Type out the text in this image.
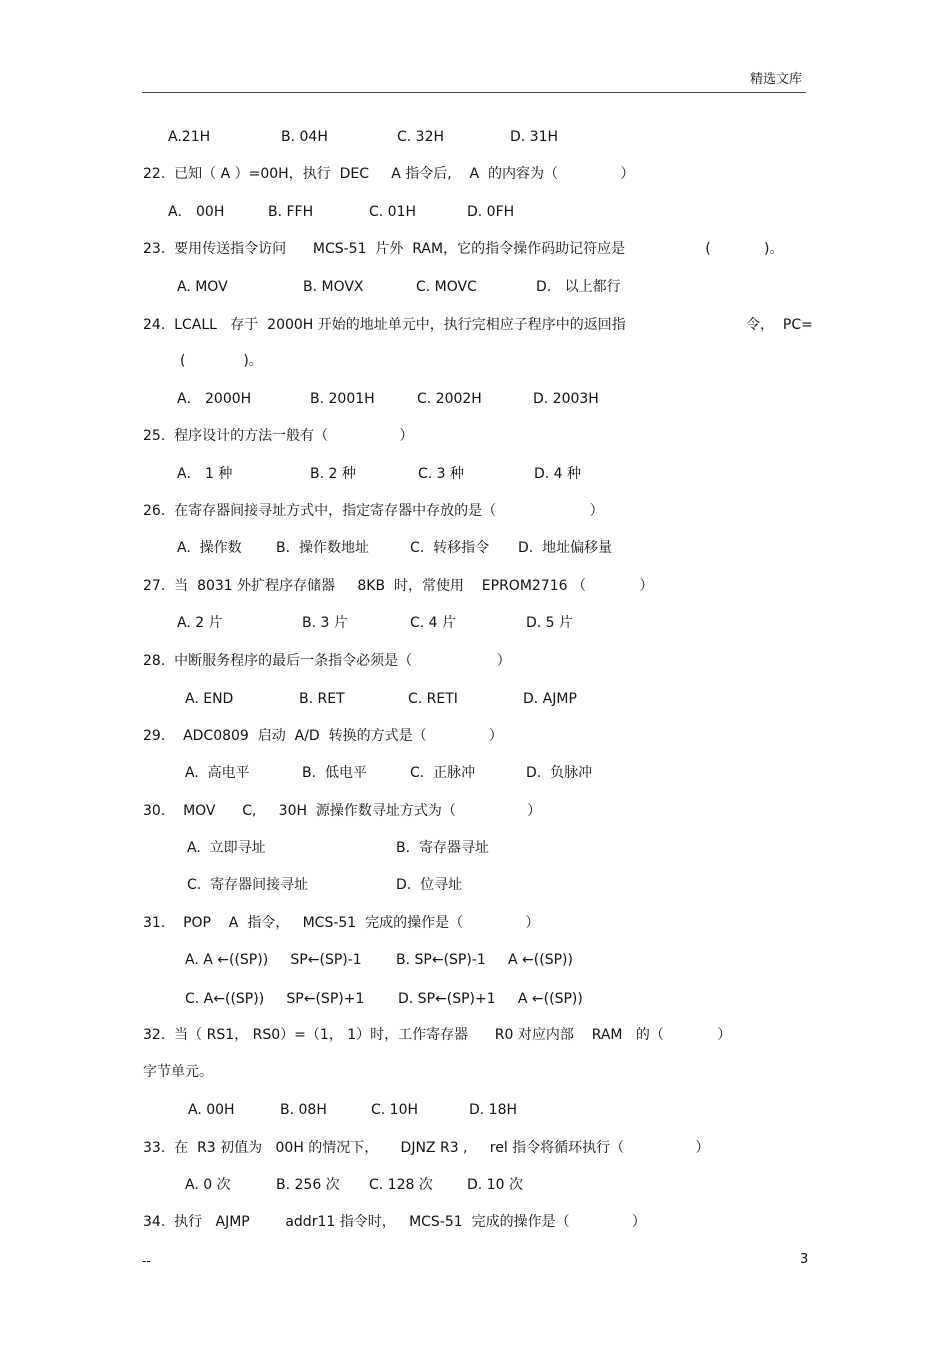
精选文库
A.21H	B. 04H	C. 32H	D. 31H
22.  已知（ A ）=00H，执行  DEC     A 指令后,    A  的内容为（              ）
A． 00H	B. FFH	C. 01H	D. 0FH
23.  要用传送指令访问      MCS-51  片外  RAM，它的指令操作码助记符应是                  (            )。
A. MOV	B. MOVX	C. MOVC	D.   以上都行
24.  LCALL   存于  2000H 开始的地址单元中，执行完相应子程序中的返回指	令，  PC=
(             )。
A． 2000H	B. 2001H	C. 2002H	D. 2003H
25.  程序设计的方法一般有（                ）
A． 1 种	B. 2 种	C. 3 种	D. 4 种
26.  在寄存器间接寻址方式中，指定寄存器中存放的是（                     ）
A.  操作数 B.  操作数地址	C.  转移指令 D.  地址偏移量
27.  当  8031 外扩程序存储器     8KB  时，常使用    EPROM2716 （            ）
A. 2 片	B. 3 片	C. 4 片	D. 5 片
28.  中断服务程序的最后一条指令必须是（                   ）
A. END	B. RET	C. RETI	D. AJMP
29.    ADC0809  启动  A/D  转换的方式是（              ）
A.  高电平	B.  低电平	C.  正脉冲	D.  负脉冲
30.    MOV      C,     30H  源操作数寻址方式为（                ）
A.  立即寻址	B.  寄存器寻址
C.  寄存器间接寻址	D.  位寻址
31.    POP    A  指令，   MCS-51  完成的操作是（              ）
A. A ←((SP))     SP←(SP)-1 B. SP←(SP)-1     A ←((SP))
C. A←((SP))     SP←(SP)+1 D. SP←(SP)+1     A ←((SP))
32.  当（ RS1， RS0）=（1， 1）时，工作寄存器      R0 对应内部    RAM   的（            ）
字节单元。
A. 00H	B. 08H	C. 10H	D. 18H
33.  在  R3 初值为   00H 的情况下，     DJNZ R3 ,     rel 指令将循环执行（                ）
A. 0 次	B. 256 次 C. 128 次 D. 10 次
34.  执行   AJMP        addr11 指令时，   MCS-51  完成的操作是（              ）
--	3
